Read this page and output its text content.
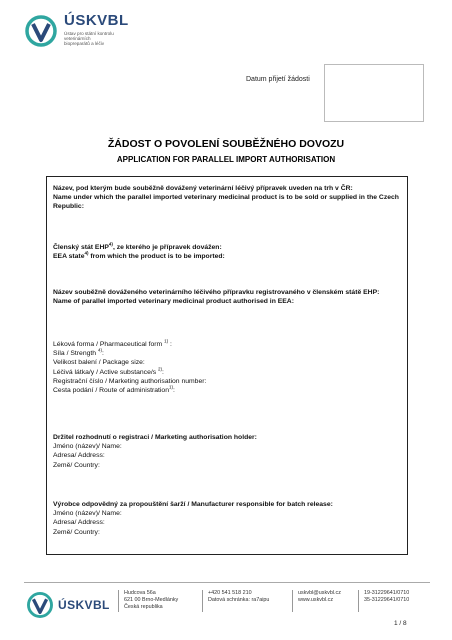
ÚSKVBL
Ústav pro státní kontrolu
veterinárních
biopreparátů a léčiv
Datum přijetí žádosti
ŽÁDOST O POVOLENÍ SOUBĚŽNÉHO DOVOZU
APPLICATION FOR PARALLEL IMPORT AUTHORISATION
Název, pod kterým bude souběžně dovážený veterinární léčivý přípravek uveden na trh v ČR:
Name under which the parallel imported veterinary medicinal product is to be sold or supplied in the Czech Republic:
Členský stát EHP$^{4)}$, ze kterého je přípravek dovážen:
EEA state$^{4)}$ from which the product is to be imported:
Název souběžně dováženého veterinárního léčivého přípravku registrovaného v členském státě EHP:
Name of parallel imported veterinary medicinal product authorised in EEA:
Léková forma / Pharmaceutical form $^{1)}$ :
Síla / Strength $^{4)}$:
Velikost balení / Package size:
Léčivá látka/y / Active substance/s $^{2)}$:
Registrační číslo / Marketing authorisation number:
Cesta podání / Route of administration$^{1)}$:
Držitel rozhodnutí o registraci / Marketing authorisation holder:
Jméno (název)/ Name:
Adresa/ Address:
Země/ Country:
Výrobce odpovědný za propouštění šarží / Manufacturer responsible for batch release:
Jméno (název)/ Name:
Adresa/ Address:
Země/ Country:
ÚSKVBL
Hudcova 56a
621 00 Brno-Medlánky
Česká republika
+420 541 518 210
Datová schránka: ra7aipu
uskvbl@uskvbl.cz
www.uskvbl.cz
19-31229641/0710
35-31229641/0710
1 / 8
